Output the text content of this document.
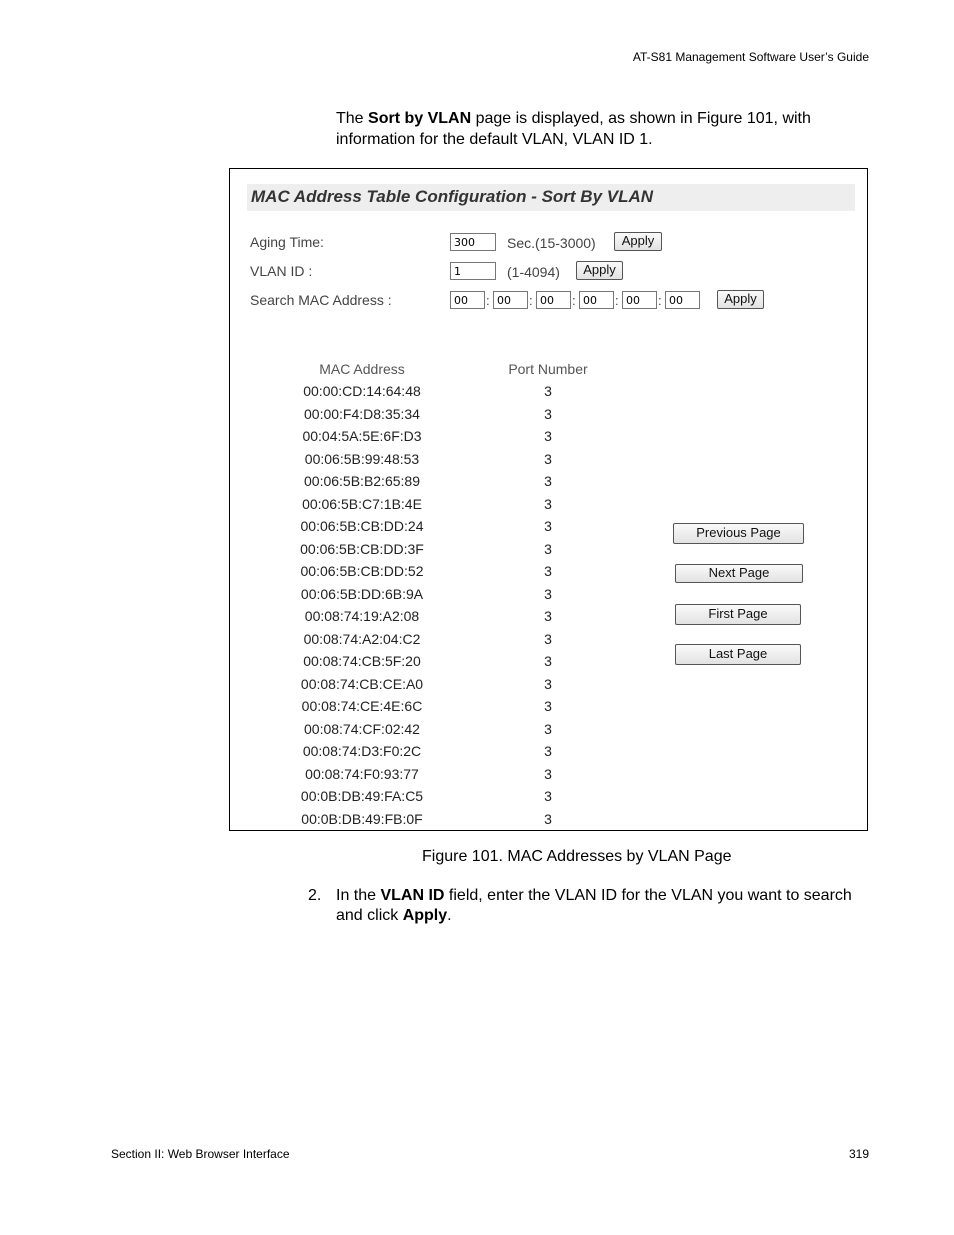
AT-S81 Management Software User’s Guide
The Sort by VLAN page is displayed, as shown in Figure 101, with information for the default VLAN, VLAN ID 1.
MAC Address Table Configuration - Sort By VLAN
Aging Time:
300	Sec.(15-3000)	Apply
VLAN ID :
1	(1-4094)	Apply
Search MAC Address :
00	:
00	:
00	:
00	:
00	:
00	Apply
MAC Address	Port Number
00:00:CD:14:64:48	3
00:00:F4:D8:35:34	3
00:04:5A:5E:6F:D3	3
00:06:5B:99:48:53	3
00:06:5B:B2:65:89	3
00:06:5B:C7:1B:4E	3
00:06:5B:CB:DD:24	3
00:06:5B:CB:DD:3F	3
00:06:5B:CB:DD:52	3
00:06:5B:DD:6B:9A	3
00:08:74:19:A2:08	3
00:08:74:A2:04:C2	3
00:08:74:CB:5F:20	3
00:08:74:CB:CE:A0	3
00:08:74:CE:4E:6C	3
00:08:74:CF:02:42	3
00:08:74:D3:F0:2C	3
00:08:74:F0:93:77	3
00:0B:DB:49:FA:C5	3
00:0B:DB:49:FB:0F	3
Previous Page
Next Page
First Page
Last Page
Figure 101. MAC Addresses by VLAN Page
2. In the VLAN ID field, enter the VLAN ID for the VLAN you want to search and click Apply.
Section II: Web Browser Interface	319
